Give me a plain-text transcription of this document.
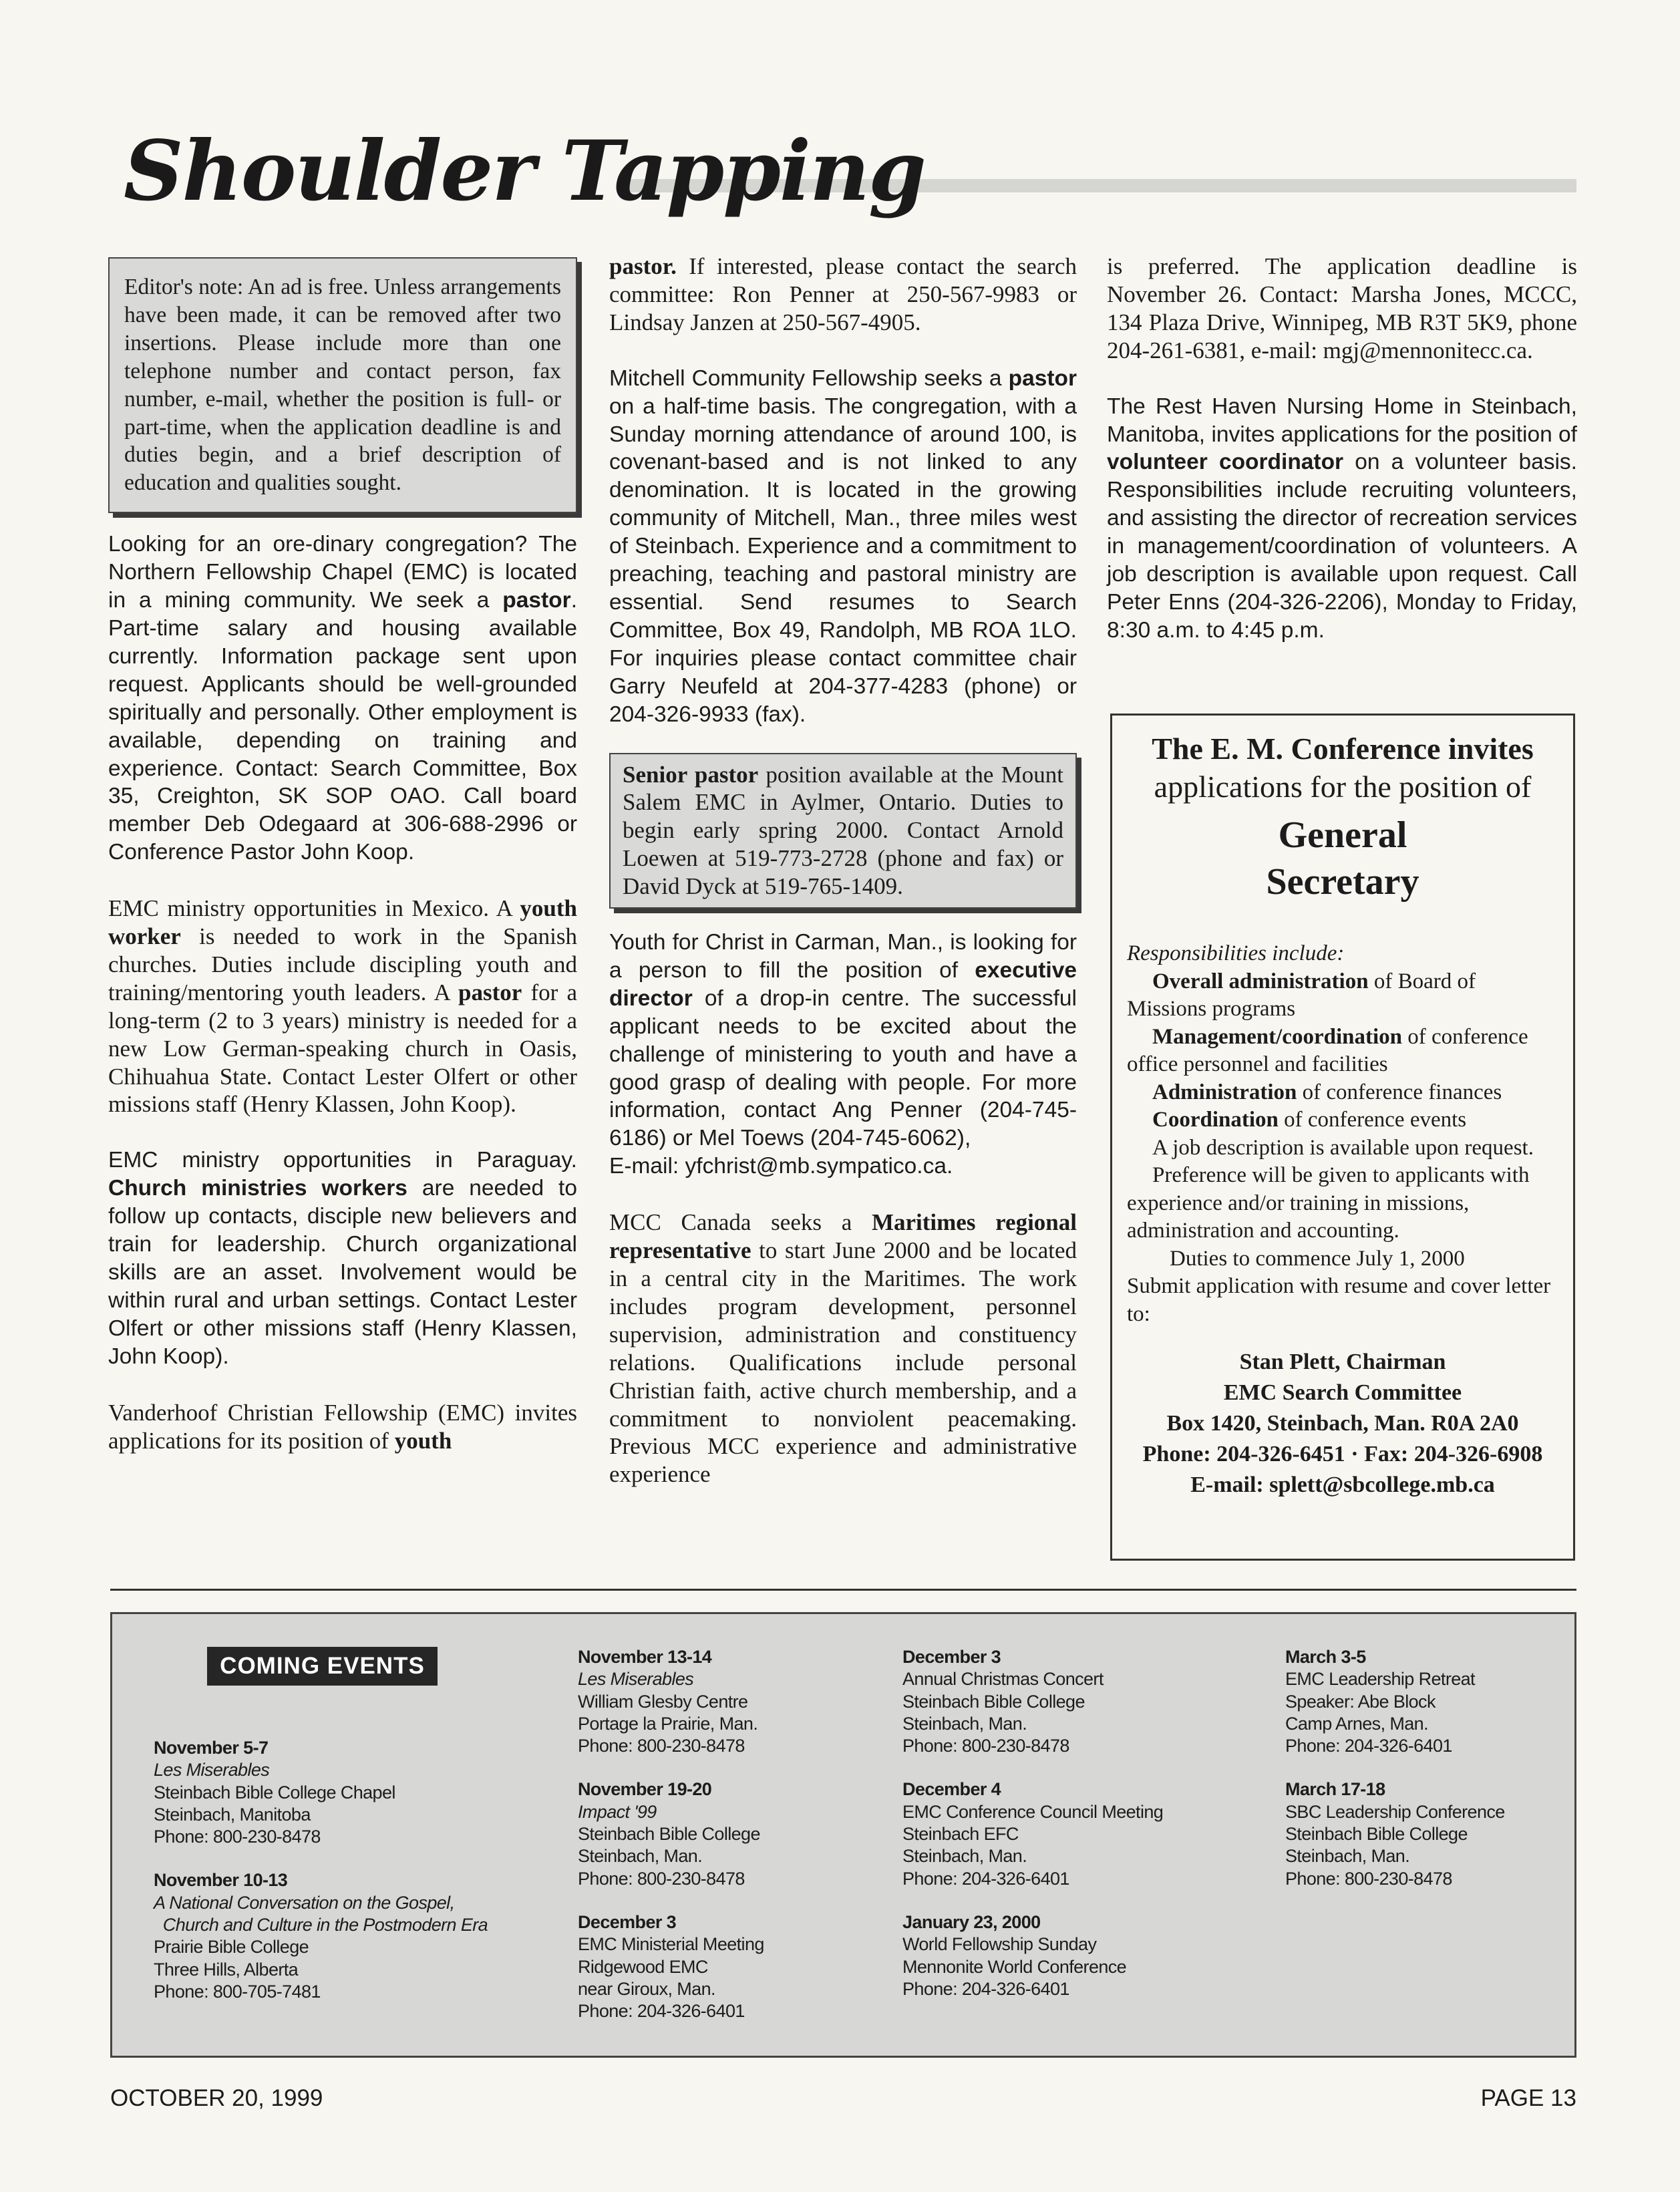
Shoulder Tapping
Editor's note: An ad is free. Unless arrangements have been made, it can be removed after two insertions. Please include more than one telephone number and contact person, fax number, e-mail, whether the position is full- or part-time, when the application deadline is and duties begin, and a brief description of education and qualities sought.

Looking for an ore-dinary congregation? The Northern Fellowship Chapel (EMC) is located in a mining community. We seek a pastor. Part-time salary and housing available currently. Information package sent upon request. Applicants should be well-grounded spiritually and personally. Other employment is available, depending on training and experience. Contact: Search Committee, Box 35, Creighton, SK SOP OAO. Call board member Deb Odegaard at 306-688-2996 or Conference Pastor John Koop.

EMC ministry opportunities in Mexico. A youth worker is needed to work in the Spanish churches. Duties include discipling youth and training/mentoring youth leaders. A pastor for a long-term (2 to 3 years) ministry is needed for a new Low German-speaking church in Oasis, Chihuahua State. Contact Lester Olfert or other missions staff (Henry Klassen, John Koop).

EMC ministry opportunities in Paraguay. Church ministries workers are needed to follow up contacts, disciple new believers and train for leadership. Church organizational skills are an asset. Involvement would be within rural and urban settings. Contact Lester Olfert or other missions staff (Henry Klassen, John Koop).

Vanderhoof Christian Fellowship (EMC) invites applications for its position of youth

pastor. If interested, please contact the search committee: Ron Penner at 250-567-9983 or Lindsay Janzen at 250-567-4905.

Mitchell Community Fellowship seeks a pastor on a half-time basis. The congregation, with a Sunday morning attendance of around 100, is covenant-based and is not linked to any denomination. It is located in the growing community of Mitchell, Man., three miles west of Steinbach. Experience and a commitment to preaching, teaching and pastoral ministry are essential. Send resumes to Search Committee, Box 49, Randolph, MB ROA 1LO. For inquiries please contact committee chair Garry Neufeld at 204-377-4283 (phone) or 204-326-9933 (fax).

Senior pastor position available at the Mount Salem EMC in Aylmer, Ontario. Duties to begin early spring 2000. Contact Arnold Loewen at 519-773-2728 (phone and fax) or David Dyck at 519-765-1409.

Youth for Christ in Carman, Man., is looking for a person to fill the position of executive director of a drop-in centre. The successful applicant needs to be excited about the challenge of ministering to youth and have a good grasp of dealing with people. For more information, contact Ang Penner (204-745-6186) or Mel Toews (204-745-6062),
E-mail: yfchrist@mb.sympatico.ca.

MCC Canada seeks a Maritimes regional representative to start June 2000 and be located in a central city in the Maritimes. The work includes program development, personnel supervision, administration and constituency relations. Qualifications include personal Christian faith, active church membership, and a commitment to nonviolent peacemaking. Previous MCC experience and administrative experience

is preferred. The application deadline is November 26. Contact: Marsha Jones, MCCC, 134 Plaza Drive, Winnipeg, MB R3T 5K9, phone 204-261-6381, e-mail: mgj@mennonitecc.ca.

The Rest Haven Nursing Home in Steinbach, Manitoba, invites applications for the position of volunteer coordinator on a volunteer basis. Responsibilities include recruiting volunteers, and assisting the director of recreation services in management/coordination of volunteers. A job description is available upon request. Call Peter Enns (204-326-2206), Monday to Friday, 8:30 a.m. to 4:45 p.m.

The E. M. Conference invites
applications for the position of
General
Secretary

Responsibilities include:

Overall administration of Board of Missions programs

Management/coordination of conference office personnel and facilities

Administration of conference finances

Coordination of conference events

A job description is available upon request.

Preference will be given to applicants with experience and/or training in missions, administration and accounting.

Duties to commence July 1, 2000

Submit application with resume and cover letter to:

Stan Plett, Chairman
EMC Search Committee
Box 1420, Steinbach, Man. R0A 2A0
Phone: 204-326-6451 · Fax: 204-326-6908
E-mail: splett@sbcollege.mb.ca
COMING EVENTS
November 5-7
Les Miserables
Steinbach Bible College Chapel
Steinbach, Manitoba
Phone: 800-230-8478
November 10-13
A National Conversation on the Gospel,
Church and Culture in the Postmodern Era
Prairie Bible College
Three Hills, Alberta
Phone: 800-705-7481
November 13-14
Les Miserables
William Glesby Centre
Portage la Prairie, Man.
Phone: 800-230-8478
November 19-20
Impact '99
Steinbach Bible College
Steinbach, Man.
Phone: 800-230-8478
December 3
EMC Ministerial Meeting
Ridgewood EMC
near Giroux, Man.
Phone: 204-326-6401
December 3
Annual Christmas Concert
Steinbach Bible College
Steinbach, Man.
Phone: 800-230-8478
December 4
EMC Conference Council Meeting
Steinbach EFC
Steinbach, Man.
Phone: 204-326-6401
January 23, 2000
World Fellowship Sunday
Mennonite World Conference
Phone: 204-326-6401
March 3-5
EMC Leadership Retreat
Speaker: Abe Block
Camp Arnes, Man.
Phone: 204-326-6401
March 17-18
SBC Leadership Conference
Steinbach Bible College
Steinbach, Man.
Phone: 800-230-8478
OCTOBER 20, 1999	PAGE 13
